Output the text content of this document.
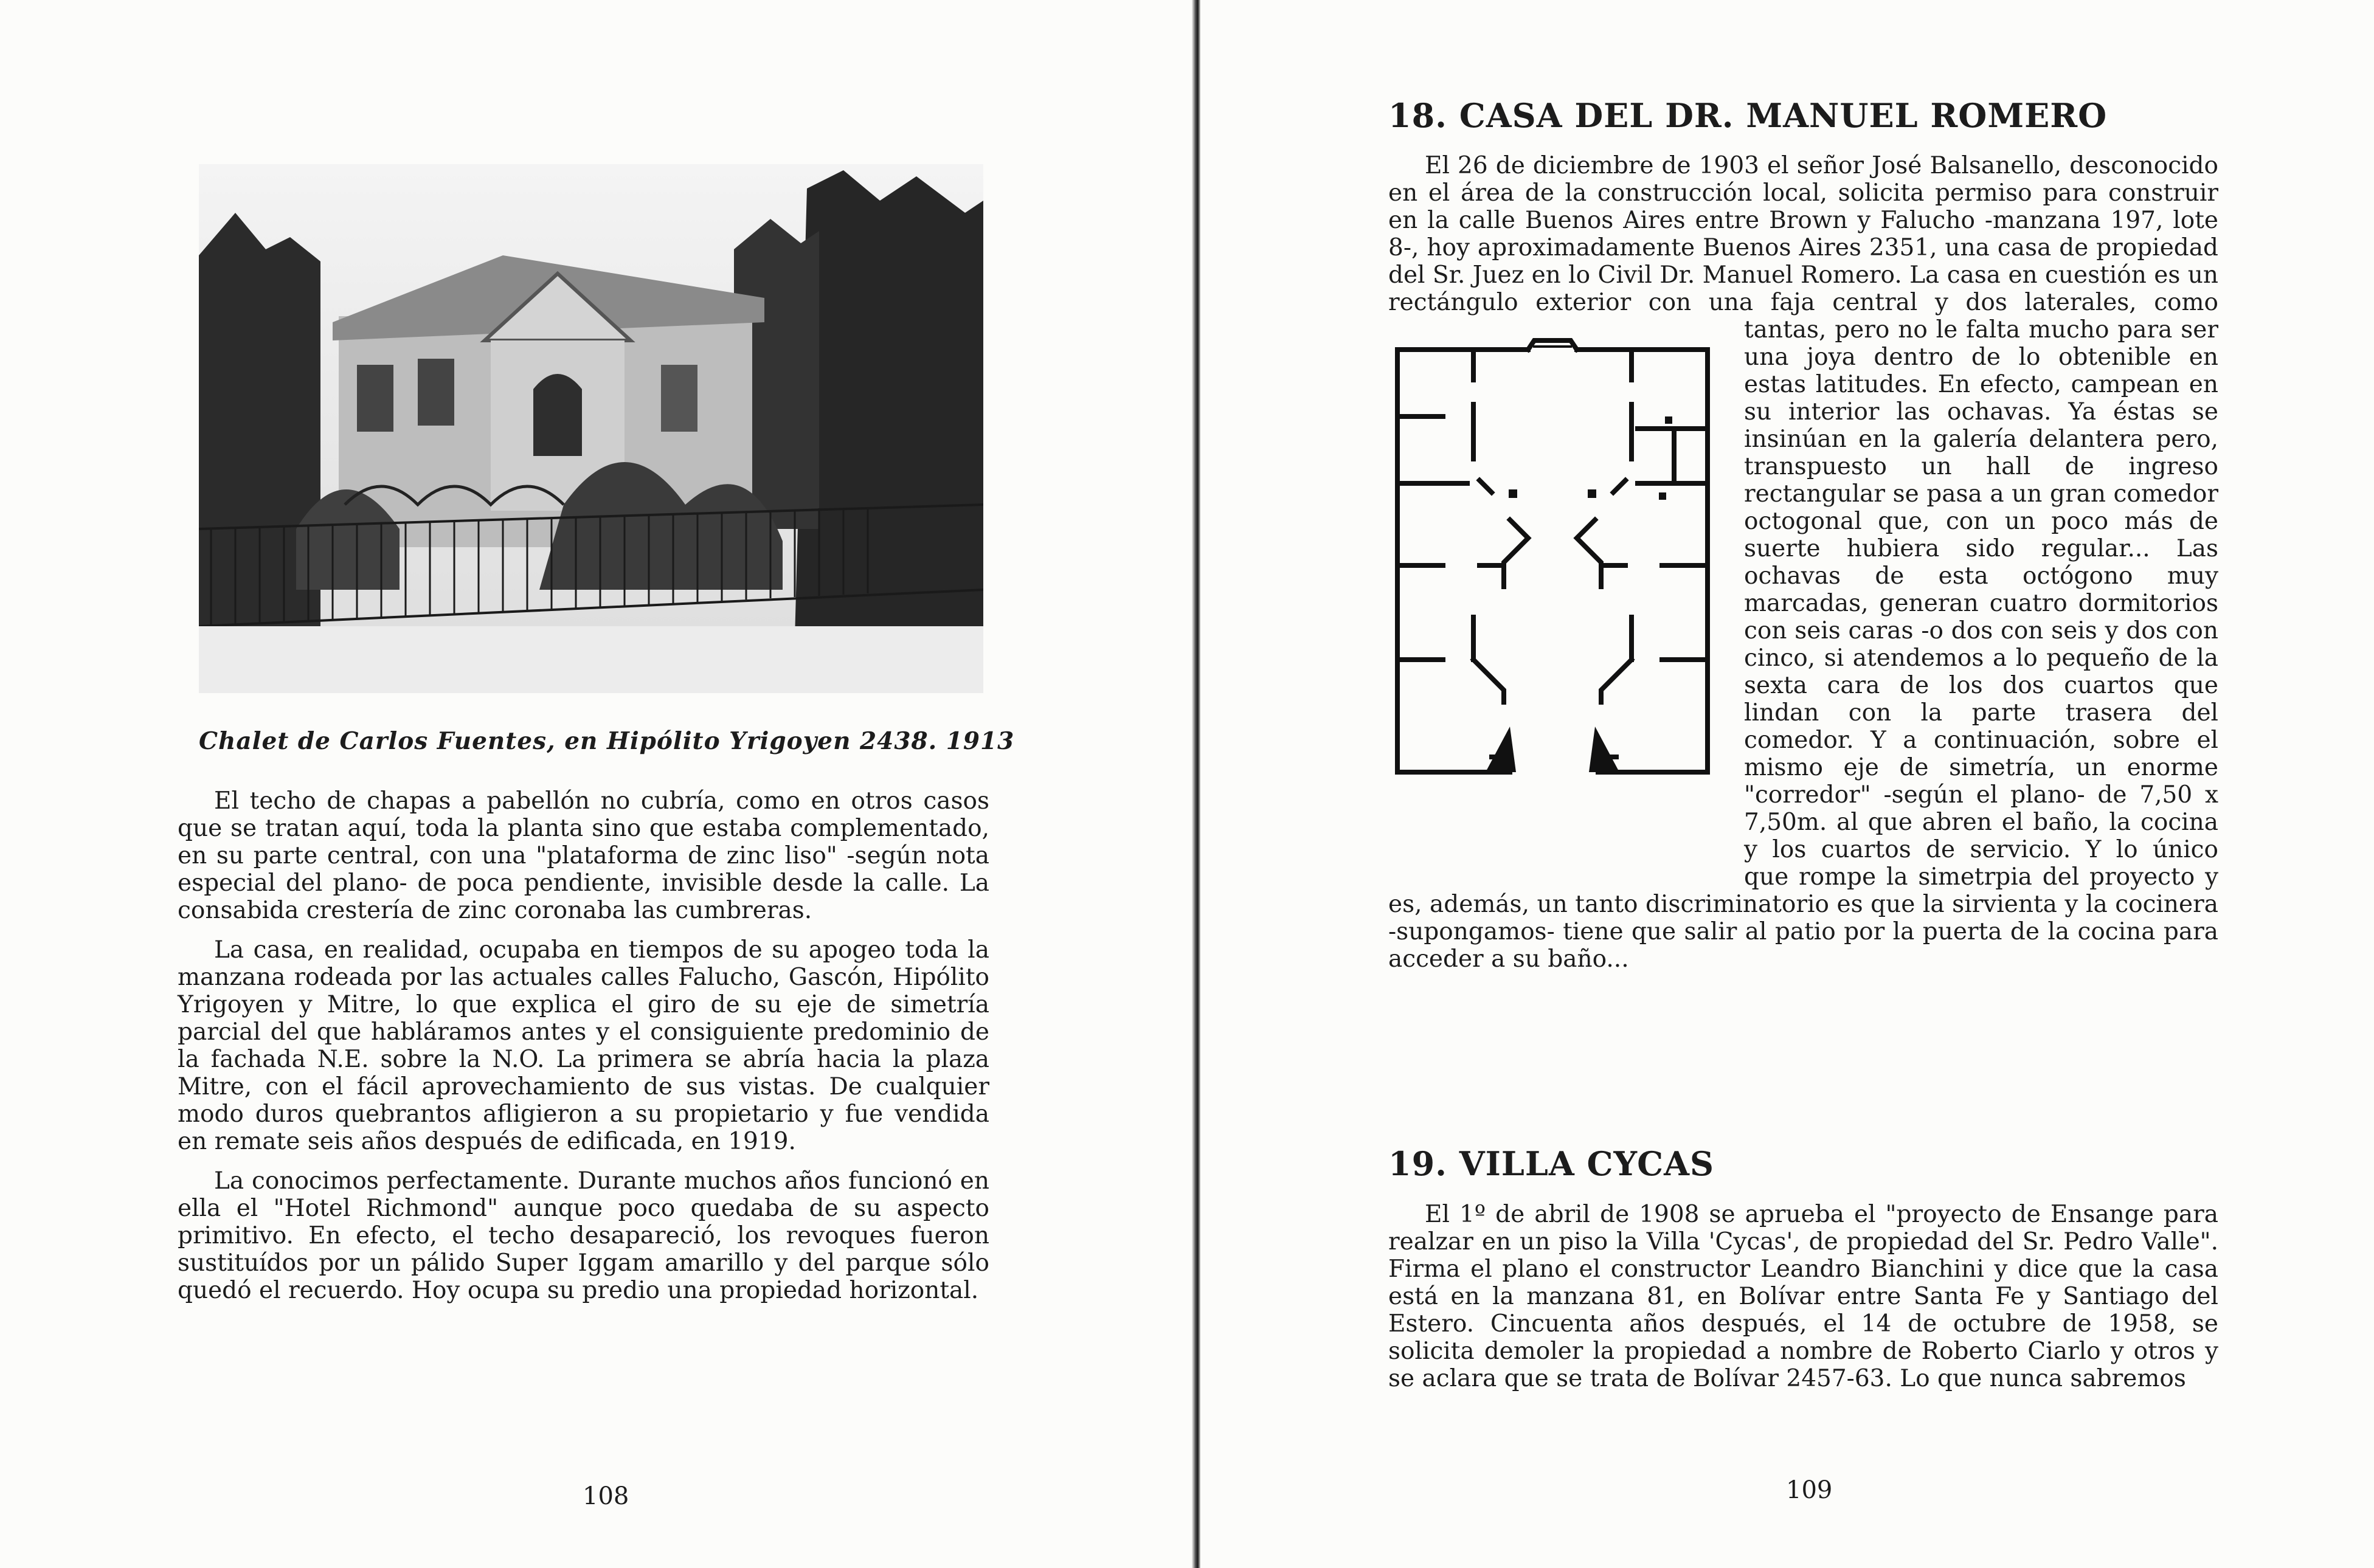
Chalet de Carlos Fuentes, en Hipólito Yrigoyen 2438. 1913

El techo de chapas a pabellón no cubría, como en otros casos que se tratan aquí, toda la planta sino que estaba complementado, en su parte central, con una "plataforma de zinc liso" -según nota especial del plano- de poca pendiente, invisible desde la calle. La consabida crestería de zinc coronaba las cumbreras.

La casa, en realidad, ocupaba en tiempos de su apogeo toda la manzana rodeada por las actuales calles Falucho, Gascón, Hipólito Yrigoyen y Mitre, lo que explica el giro de su eje de simetría parcial del que habláramos antes y el consiguiente predominio de la fachada N.E. sobre la N.O. La primera se abría hacia la plaza Mitre, con el fácil aprovechamiento de sus vistas. De cualquier modo duros quebrantos afligieron a su propietario y fue vendida en remate seis años después de edificada, en 1919.

La conocimos perfectamente. Durante muchos años funcionó en ella el "Hotel Richmond" aunque poco quedaba de su aspecto primitivo. En efecto, el techo desapareció, los revoques fueron sustituídos por un pálido Super Iggam amarillo y del parque sólo quedó el recuerdo. Hoy ocupa su predio una propiedad horizontal.

108
18. CASA DEL DR. MANUEL ROMERO

El 26 de diciembre de 1903 el señor José Balsanello, desconocido en el área de la construcción local, solicita permiso para construir en la calle Buenos Aires entre Brown y Falucho -manzana 197, lote 8-, hoy aproximadamente Buenos Aires 2351, una casa de propiedad del Sr. Juez en lo Civil Dr. Manuel Romero. La casa en cuestión es un rectángulo exterior con una faja central y dos laterales, como tantas, pero no le falta mucho para ser una joya dentro de lo obtenible en estas latitudes. En efecto, campean en su interior las ochavas. Ya éstas se insinúan en la galería delantera pero, transpuesto un hall de ingreso rectangular se pasa a un gran comedor octogonal que, con un poco más de suerte hubiera sido regular... Las ochavas de esta octógono muy marcadas, generan cuatro dormitorios con seis caras -o dos con seis y dos con cinco, si atendemos a lo pequeño de la sexta cara de los dos cuartos que lindan con la parte trasera del comedor. Y a continuación, sobre el mismo eje de simetría, un enorme "corredor" -según el plano- de 7,50 x 7,50m. al que abren el baño, la cocina y los cuartos de servicio. Y lo único que rompe la simetrpia del proyecto y es, además, un tanto discriminatorio es que la sirvienta y la cocinera -supongamos- tiene que salir al patio por la puerta de la cocina para acceder a su baño...

19. VILLA CYCAS

El 1º de abril de 1908 se aprueba el "proyecto de Ensange para realzar en un piso la Villa 'Cycas', de propiedad del Sr. Pedro Valle". Firma el plano el constructor Leandro Bianchini y dice que la casa está en la manzana 81, en Bolívar entre Santa Fe y Santiago del Estero. Cincuenta años después, el 14 de octubre de 1958, se solicita demoler la propiedad a nombre de Roberto Ciarlo y otros y se aclara que se trata de Bolívar 2457-63. Lo que nunca sabremos

109
